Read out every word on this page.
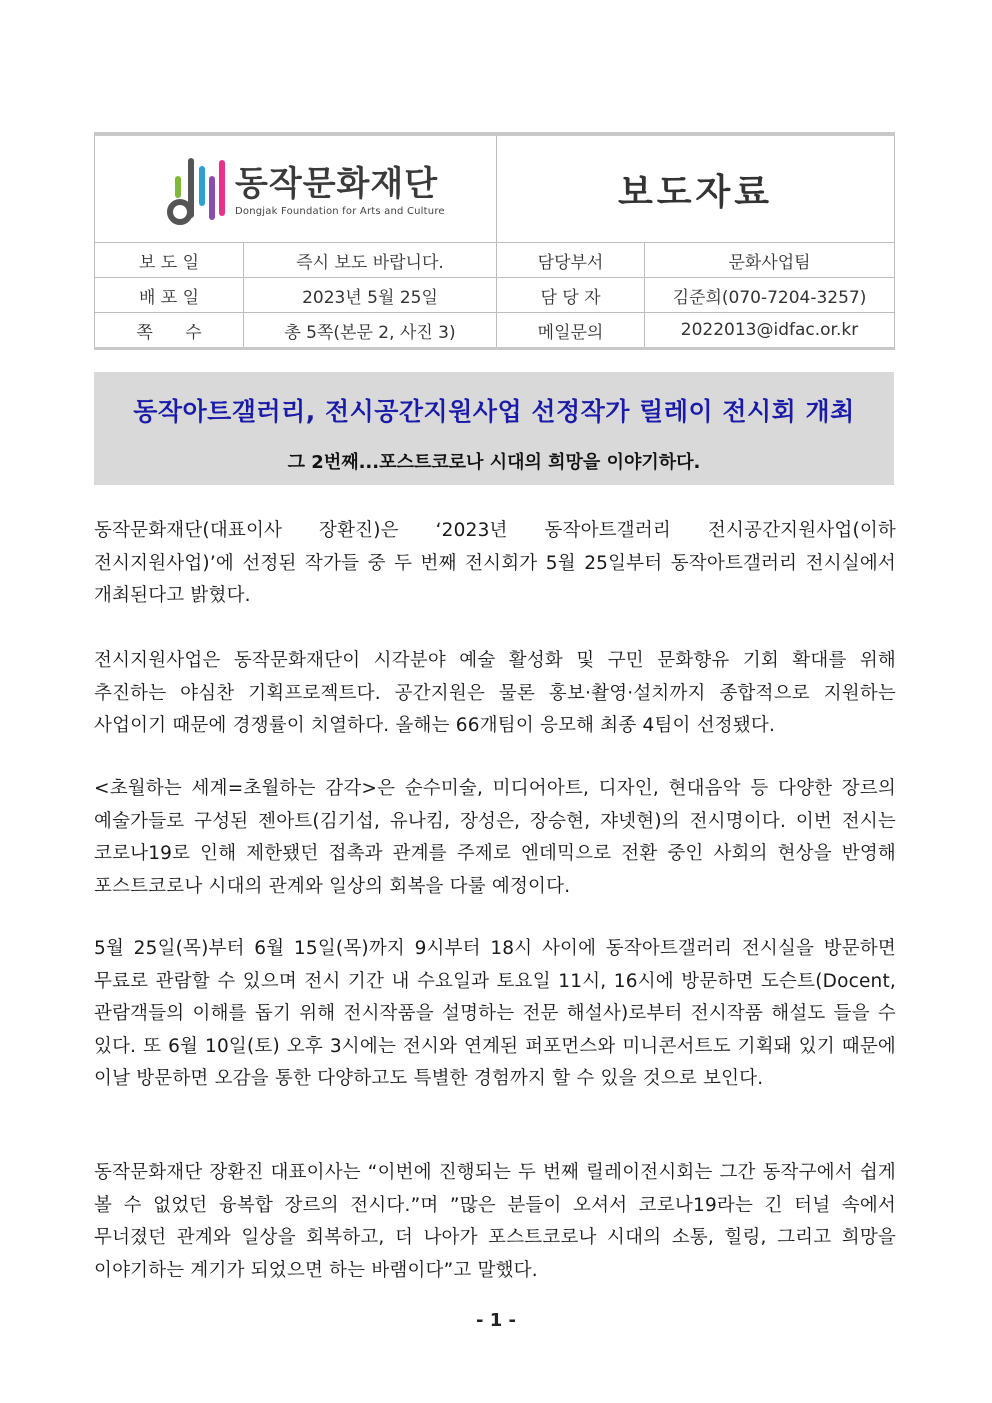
동작문화재단
Dongjak Foundation for Arts and Culture		보도자료	
보 도 일	즉시 보도 바랍니다.	담당부서	문화사업팀
배 포 일	2023년 5월 25일	담 당 자	김준희(070-7204-3257)
쪽      수	총 5쪽(본문 2, 사진 3)	메일문의	2022013@idfac.or.kr
동작아트갤러리, 전시공간지원사업 선정작가 릴레이 전시회 개최
그 2번째...포스트코로나 시대의 희망을 이야기하다.

동작문화재단(대표이사 장환진)은 ‘2023년 동작아트갤러리 전시공간지원사업(이하 전시지원사업)’에 선정된 작가들 중 두 번째 전시회가 5월 25일부터 동작아트갤러리 전시실에서 개최된다고 밝혔다.

전시지원사업은 동작문화재단이 시각분야 예술 활성화 및 구민 문화향유 기회 확대를 위해 추진하는 야심찬 기획프로젝트다. 공간지원은 물론 홍보·촬영·설치까지 종합적으로 지원하는 사업이기 때문에 경쟁률이 치열하다. 올해는 66개팀이 응모해 최종 4팀이 선정됐다.

<초월하는 세계=초월하는 감각>은 순수미술, 미디어아트, 디자인, 현대음악 등 다양한 장르의 예술가들로 구성된 젠아트(김기섭, 유나킴, 장성은, 장승현, 쟈넷현)의 전시명이다. 이번 전시는 코로나19로 인해 제한됐던 접촉과 관계를 주제로 엔데믹으로 전환 중인 사회의 현상을 반영해 포스트코로나 시대의 관계와 일상의 회복을 다룰 예정이다.

5월 25일(목)부터 6월 15일(목)까지 9시부터 18시 사이에 동작아트갤러리 전시실을 방문하면 무료로 관람할 수 있으며 전시 기간 내 수요일과 토요일 11시, 16시에 방문하면 도슨트(Docent, 관람객들의 이해를 돕기 위해 전시작품을 설명하는 전문 해설사)로부터 전시작품 해설도 들을 수 있다. 또 6월 10일(토) 오후 3시에는 전시와 연계된 퍼포먼스와 미니콘서트도 기획돼 있기 때문에 이날 방문하면 오감을 통한 다양하고도 특별한 경험까지 할 수 있을 것으로 보인다.

동작문화재단 장환진 대표이사는 “이번에 진행되는 두 번째 릴레이전시회는 그간 동작구에서 쉽게 볼 수 없었던 융복합 장르의 전시다.”며 ”많은 분들이 오셔서 코로나19라는 긴 터널 속에서 무너졌던 관계와 일상을 회복하고, 더 나아가 포스트코로나 시대의 소통, 힐링, 그리고 희망을 이야기하는 계기가 되었으면 하는 바램이다”고 말했다.

- 1 -
